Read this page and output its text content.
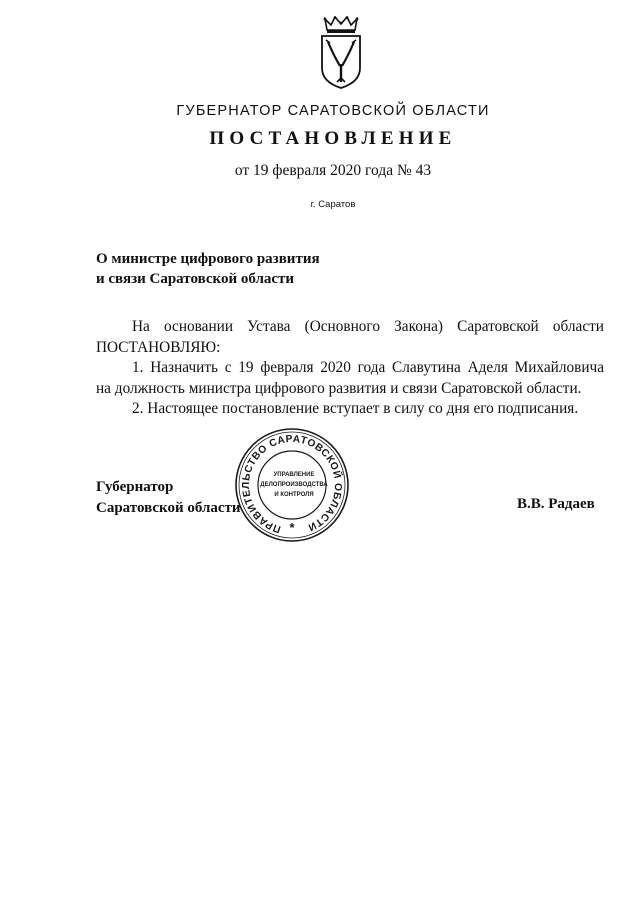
ГУБЕРНАТОР САРАТОВСКОЙ ОБЛАСТИ
ПОСТАНОВЛЕНИЕ
от 19 февраля 2020 года № 43
г. Саратов
О министре цифрового развития
и связи Саратовской области

На основании Устава (Основного Закона) Саратовской области

ПОСТАНОВЛЯЮ:

1. Назначить с 19 февраля 2020 года Славутина Аделя Михайловича

на должность министра цифрового развития и связи Саратовской области.

2. Настоящее постановление вступает в силу со дня его подписания.

Губернатор
Саратовской области	В.В. Радаев
ПРАВИТЕЛЬСТВО САРАТОВСКОЙ ОБЛАСТИ
УПРАВЛЕНИЕ
ДЕЛОПРОИЗВОДСТВА
И КОНТРОЛЯ
*
